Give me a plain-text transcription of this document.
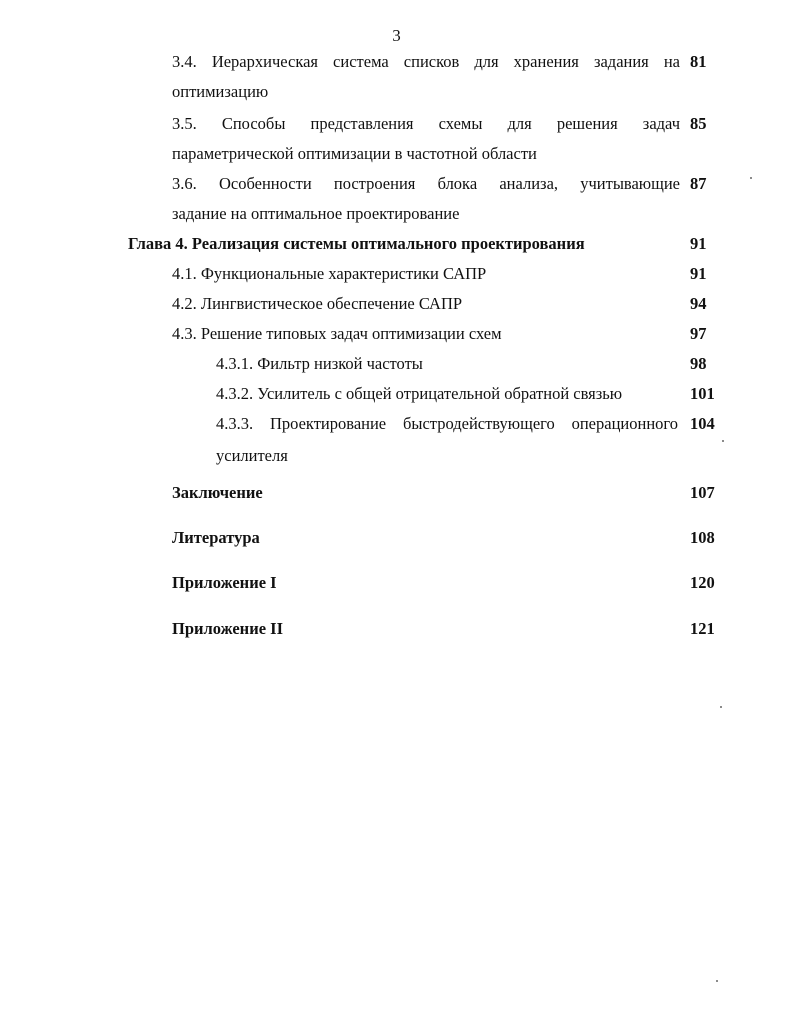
3
3.4. Иерархическая система списков для хранения задания на 81
оптимизацию
3.5. Способы представления схемы для решения задач 85
параметрической оптимизации в частотной области
3.6. Особенности построения блока анализа, учитывающие 87
задание на оптимальное проектирование
Глава 4. Реализация системы оптимального проектирования	91
4.1. Функциональные характеристики САПР	91
4.2. Лингвистическое обеспечение САПР	94
4.3. Решение типовых задач оптимизации схем	97
4.3.1. Фильтр низкой частоты	98
4.3.2. Усилитель с общей отрицательной обратной связью	101
4.3.3. Проектирование быстродействующего операционного 104
усилителя
Заключение	107
Литература	108
Приложение I	120
Приложение II	121
